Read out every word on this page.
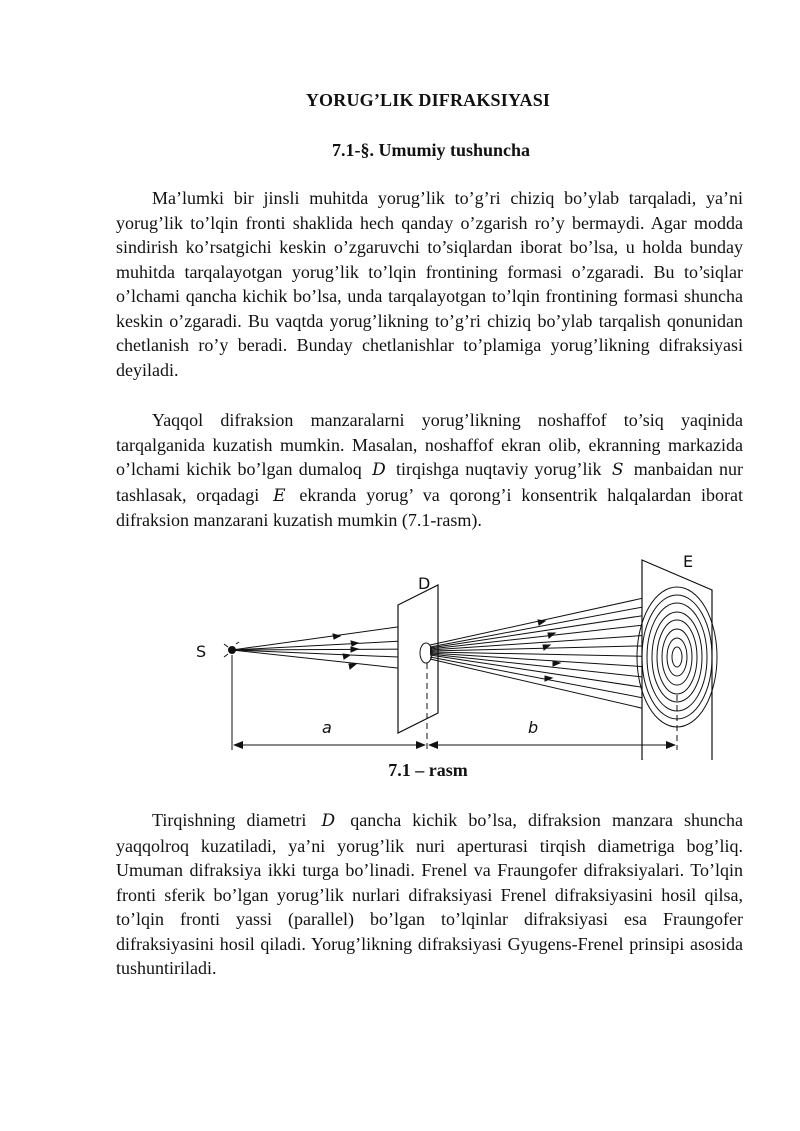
YORUG’LIK DIFRAKSIYASI
7.1-§. Umumiy tushuncha

Ma’lumki bir jinsli muhitda yorug’lik to’g’ri chiziq bo’ylab tarqaladi, ya’ni yorug’lik to’lqin fronti shaklida hech qanday o’zgarish ro’y bermaydi. Agar modda sindirish ko’rsatgichi keskin o’zgaruvchi to’siqlardan iborat bo’lsa, u holda bunday muhitda tarqalayotgan yorug’lik to’lqin frontining formasi o’zgaradi. Bu to’siqlar o’lchami qancha kichik bo’lsa, unda tarqalayotgan to’lqin frontining formasi shuncha keskin o’zgaradi. Bu vaqtda yorug’likning to’g’ri chiziq bo’ylab tarqalish qonunidan chetlanish ro’y beradi. Bunday chetlanishlar to’plamiga yorug’likning difraksiyasi deyiladi.

Yaqqol difraksion manzaralarni yorug’likning noshaffof to’siq yaqinida tarqalganida kuzatish mumkin. Masalan, noshaffof ekran olib, ekranning markazida o’lchami kichik bo’lgan dumaloq D tirqishga nuqtaviy yorug’lik S manbaidan nur tashlasak, orqadagi E ekranda yorug’ va qorong’i konsentrik halqalardan iborat difraksion manzarani kuzatish mumkin (7.1-rasm).

S
D
E
a	b
7.1 – rasm

Tirqishning diametri D qancha kichik bo’lsa, difraksion manzara shuncha yaqqolroq kuzatiladi, ya’ni yorug’lik nuri aperturasi tirqish diametriga bog’liq. Umuman difraksiya ikki turga bo’linadi. Frenel va Fraungofer difraksiyalari. To’lqin fronti sferik bo’lgan yorug’lik nurlari difraksiyasi Frenel difraksiyasini hosil qilsa, to’lqin fronti yassi (parallel) bo’lgan to’lqinlar difraksiyasi esa Fraungofer difraksiyasini hosil qiladi. Yorug’likning difraksiyasi Gyugens-Frenel prinsipi asosida tushuntiriladi.
